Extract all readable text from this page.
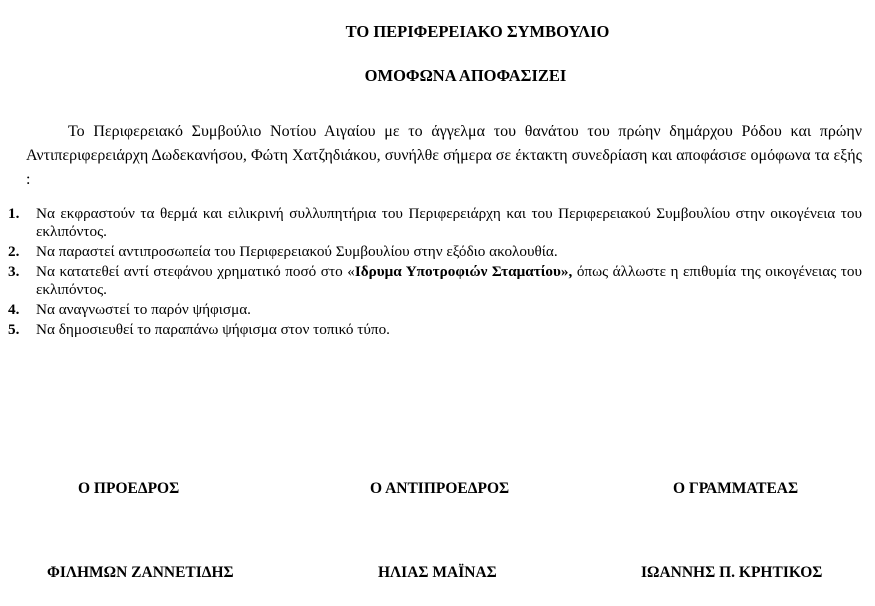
ΤΟ ΠΕΡΙΦΕΡΕΙΑΚΟ ΣΥΜΒΟΥΛΙΟ
ΟΜΟΦΩΝΑ ΑΠΟΦΑΣΙΖΕΙ

Το Περιφερειακό Συμβούλιο Νοτίου Αιγαίου με το άγγελμα του θανάτου του πρώην δημάρχου Ρόδου και πρώην Αντιπεριφερειάρχη Δωδεκανήσου, Φώτη Χατζηδιάκου, συνήλθε σήμερα σε έκτακτη συνεδρίαση και αποφάσισε ομόφωνα τα εξής :

1.	Να εκφραστούν τα θερμά και ειλικρινή συλλυπητήρια του Περιφερειάρχη και του Περιφερειακού Συμβουλίου στην οικογένεια του εκλιπόντος.
2.	Να παραστεί αντιπροσωπεία του Περιφερειακού Συμβουλίου στην εξόδιο ακολουθία.
3.	Να κατατεθεί αντί στεφάνου χρηματικό ποσό στο «Ιδρυμα Υποτροφιών Σταματίου», όπως άλλωστε η επιθυμία της οικογένειας του εκλιπόντος.
4.	Να αναγνωστεί το παρόν ψήφισμα.
5.	Να δημοσιευθεί το παραπάνω ψήφισμα στον τοπικό τύπο.
Ο ΠΡΟΕΔΡΟΣ	Ο ΑΝΤΙΠΡΟΕΔΡΟΣ	Ο ΓΡΑΜΜΑΤΕΑΣ
ΦΙΛΗΜΩΝ ΖΑΝΝΕΤΙΔΗΣ	ΗΛΙΑΣ ΜΑΪΝΑΣ	ΙΩΑΝΝΗΣ Π. ΚΡΗΤΙΚΟΣ
